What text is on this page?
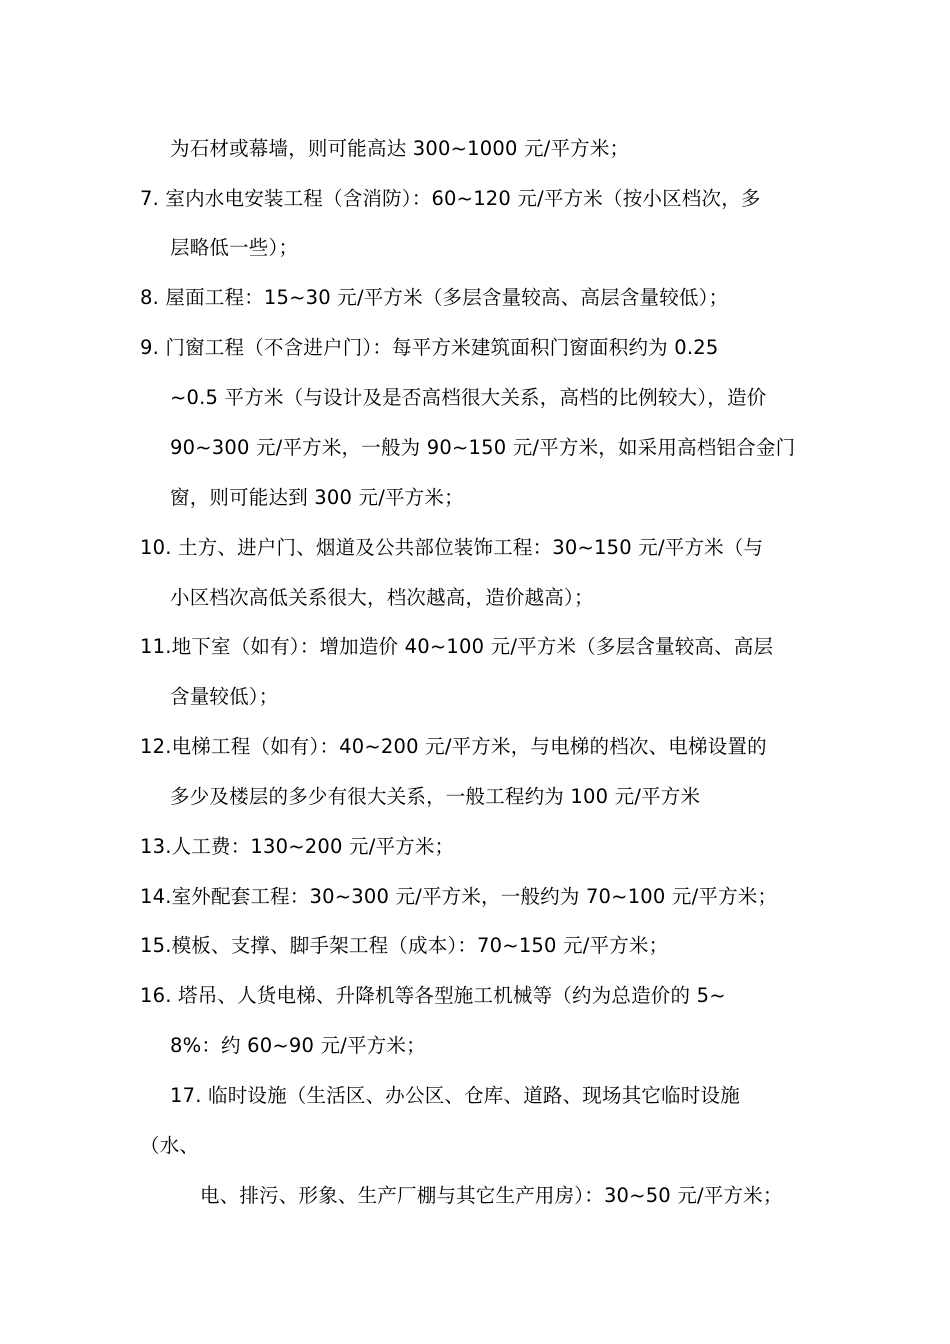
为石材或幕墙，则可能高达 300~1000 元/平方米；
7. 室内水电安装工程（含消防）：60~120 元/平方米（按小区档次，多
层略低一些）；
8. 屋面工程：15~30 元/平方米（多层含量较高、高层含量较低）；
9. 门窗工程（不含进户门）：每平方米建筑面积门窗面积约为 0.25
~0.5 平方米（与设计及是否高档很大关系，高档的比例较大），造价
90~300 元/平方米，一般为 90~150 元/平方米，如采用高档铝合金门
窗，则可能达到 300 元/平方米；
10. 土方、进户门、烟道及公共部位装饰工程：30~150 元/平方米（与
小区档次高低关系很大，档次越高，造价越高）；
11.地下室（如有）：增加造价 40~100 元/平方米（多层含量较高、高层
含量较低）；
12.电梯工程（如有）：40~200 元/平方米，与电梯的档次、电梯设置的
多少及楼层的多少有很大关系，一般工程约为 100 元/平方米
13.人工费：130~200 元/平方米；
14.室外配套工程：30~300 元/平方米，一般约为 70~100 元/平方米；
15.模板、支撑、脚手架工程（成本）：70~150 元/平方米；
16. 塔吊、人货电梯、升降机等各型施工机械等（约为总造价的 5~
8%：约 60~90 元/平方米；
17. 临时设施（生活区、办公区、仓库、道路、现场其它临时设施
（水、
电、排污、形象、生产厂棚与其它生产用房）：30~50 元/平方米；
